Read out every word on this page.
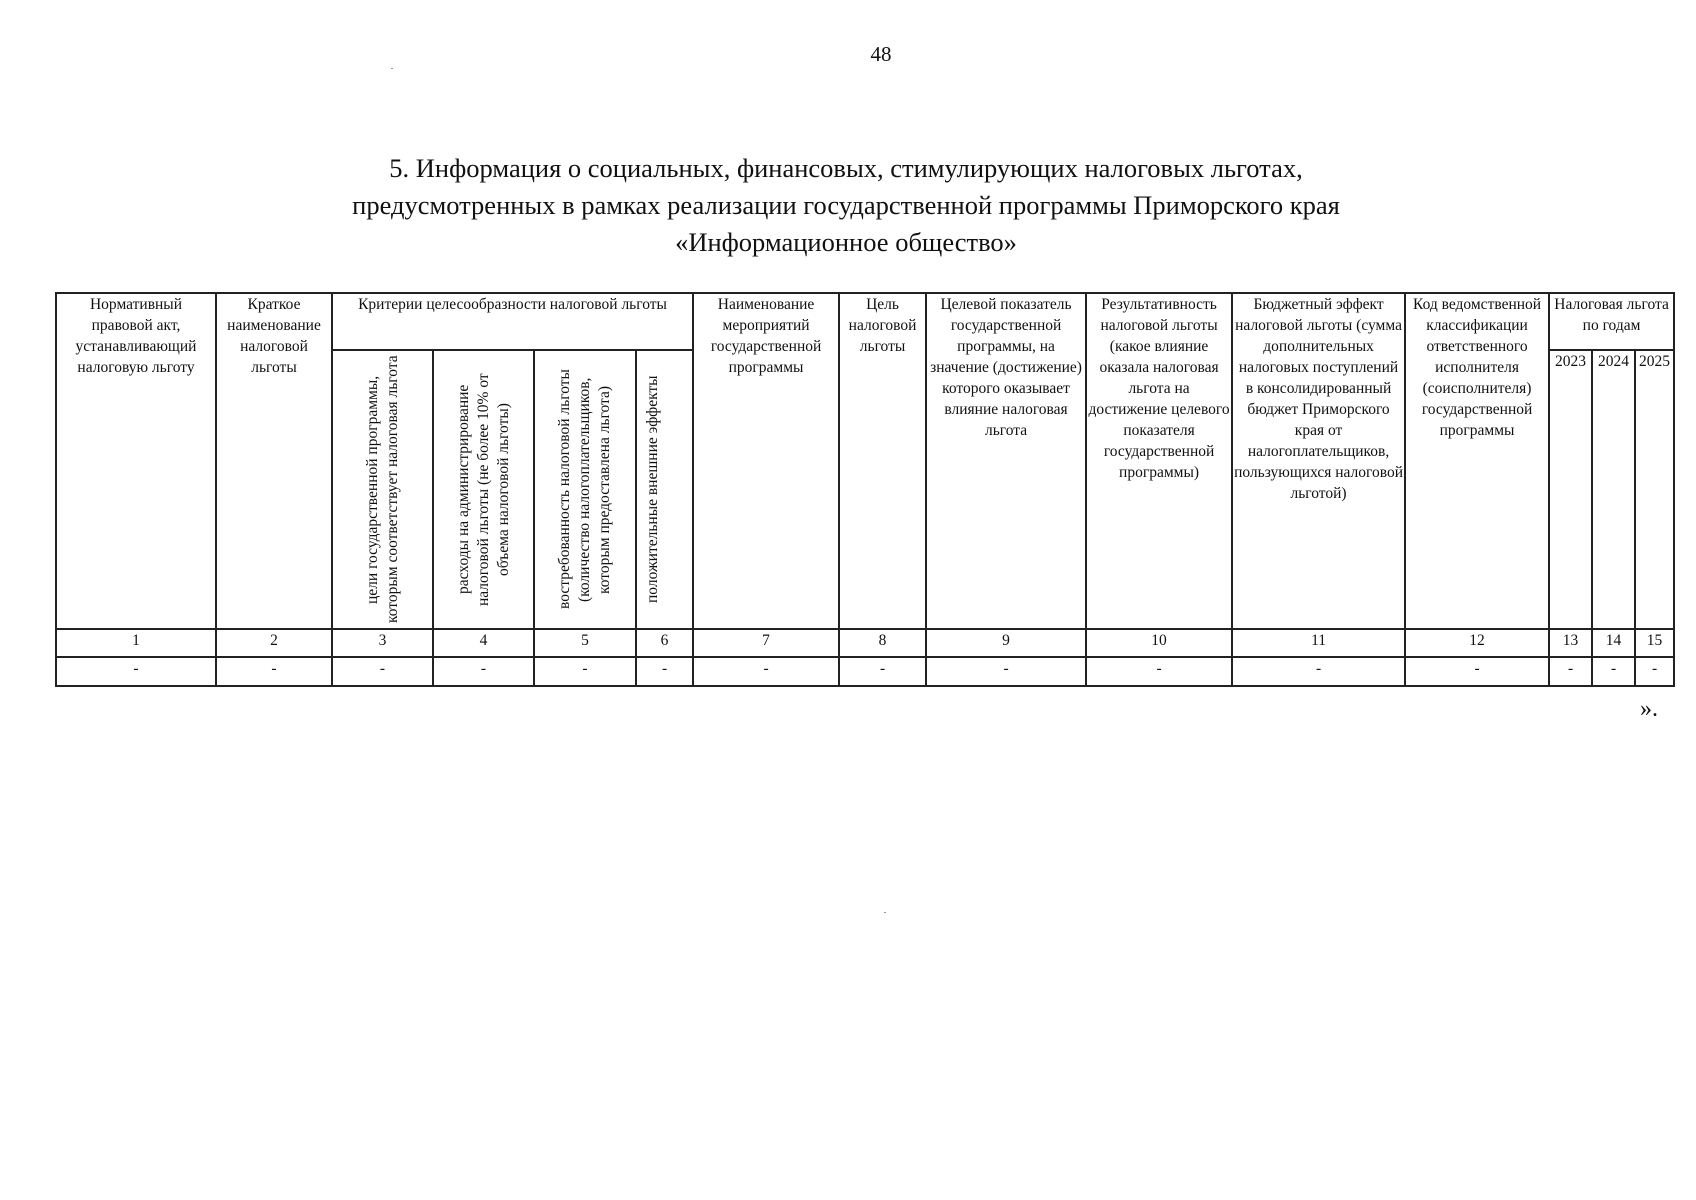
48
5. Информация о социальных, финансовых, стимулирующих налоговых льготах,
предусмотренных в рамках реализации государственной программы Приморского края
«Информационное общество»
Нормативный правовой акт, устанавливающий налоговую льготу	Краткое наименование налоговой льготы	Критерии целесообразности налоговой льготы				Наименование мероприятий государственной программы	Цель налоговой льготы	Целевой показатель государственной программы, на значение (достижение) которого оказывает влияние налоговая льгота	Результативность налоговой льготы (какое влияние оказала налоговая льгота на достижение целевого показателя государственной программы)	Бюджетный эффект налоговой льготы (сумма дополнительных налоговых поступлений в консолидированный бюджет Приморского края от налогоплательщиков, пользующихся налоговой льготой)	Код ведомственной классификации ответственного исполнителя (соисполнителя) государственной программы	Налоговая льгота по годам		

		цели государственной программы, которым соответствует налоговая льгота	расходы на администрирование налоговой льготы (не более 10% от объема налоговой льготы)	востребованность налоговой льготы (количество налогоплательщиков, которым предоставлена льгота)	положительные внешние эффекты							2023	2024	2025
1	2	3	4	5	6	7	8	9	10	11	12	13	14	15
-	-	-	-	-	-	-	-	-	-	-	-	-	-	-
».
